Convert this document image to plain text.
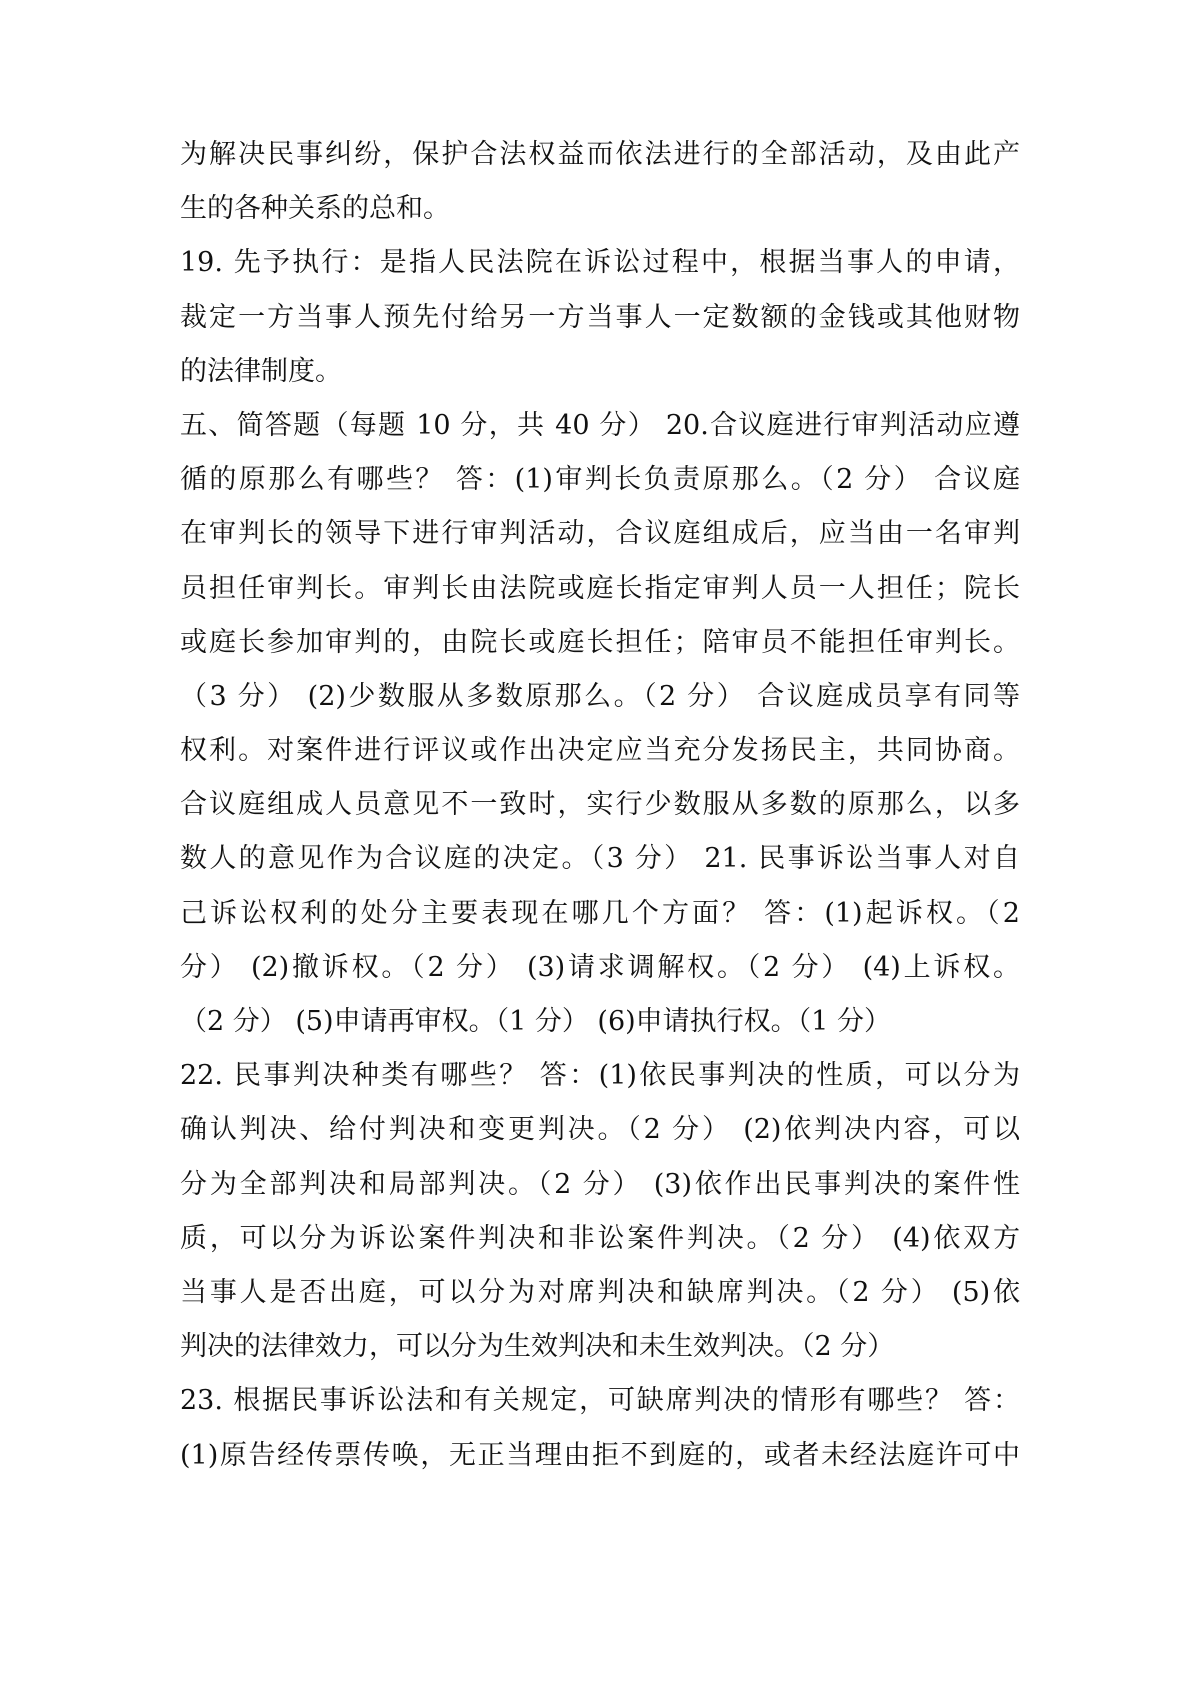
为解决民事纠纷，保护合法权益而依法进行的全部活动，及由此产
生的各种关系的总和。
19. 先予执行：是指人民法院在诉讼过程中，根据当事人的申请，
裁定一方当事人预先付给另一方当事人一定数额的金钱或其他财物
的法律制度。
五、简答题（每题 10 分，共 40 分） 20.合议庭进行审判活动应遵
循的原那么有哪些？ 答：(1)审判长负责原那么。（2 分） 合议庭
在审判长的领导下进行审判活动，合议庭组成后，应当由一名审判
员担任审判长。审判长由法院或庭长指定审判人员一人担任；院长
或庭长参加审判的，由院长或庭长担任；陪审员不能担任审判长。
（3 分） (2)少数服从多数原那么。（2 分） 合议庭成员享有同等
权利。对案件进行评议或作出决定应当充分发扬民主，共同协商。
合议庭组成人员意见不一致时，实行少数服从多数的原那么，以多
数人的意见作为合议庭的决定。（3 分） 21. 民事诉讼当事人对自
己诉讼权利的处分主要表现在哪几个方面？ 答：(1)起诉权。（2
分） (2)撤诉权。（2 分） (3)请求调解权。（2 分） (4)上诉权。
（2 分） (5)申请再审权。（1 分） (6)申请执行权。（1 分）
22. 民事判决种类有哪些？ 答：(1)依民事判决的性质，可以分为
确认判决、给付判决和变更判决。（2 分） (2)依判决内容，可以
分为全部判决和局部判决。（2 分） (3)依作出民事判决的案件性
质，可以分为诉讼案件判决和非讼案件判决。（2 分） (4)依双方
当事人是否出庭，可以分为对席判决和缺席判决。（2 分） (5)依
判决的法律效力，可以分为生效判决和未生效判决。（2 分）
23. 根据民事诉讼法和有关规定，可缺席判决的情形有哪些？ 答：
(1)原告经传票传唤，无正当理由拒不到庭的，或者未经法庭许可中
